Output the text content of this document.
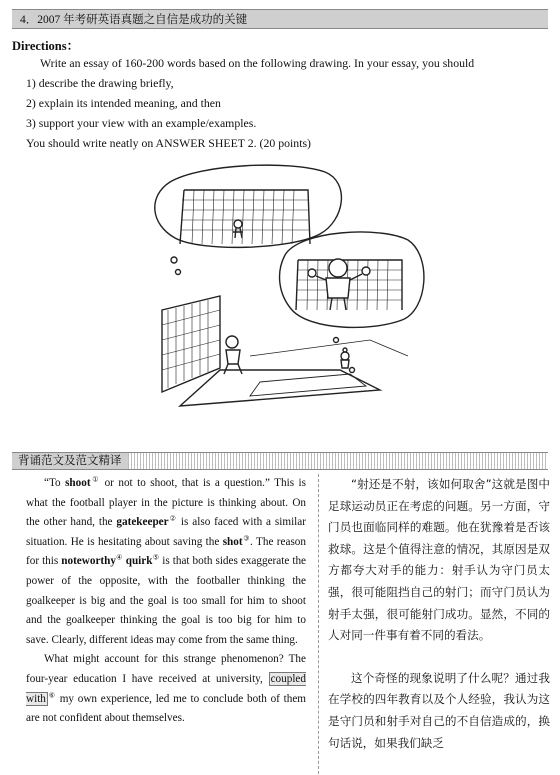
4．2007 年考研英语真题之自信是成功的关键
Directions：
Write an essay of 160-200 words based on the following drawing. In your essay, you should
1) describe the drawing briefly,
2) explain its intended meaning, and then
3) support your view with an example/examples.
You should write neatly on ANSWER SHEET 2. (20 points)
背诵范文及范文精译

“To shoot① or not to shoot, that is a question.” This is what the football player in the picture is thinking about. On the other hand, the gatekeeper② is also faced with a similar situation. He is hesitating about saving the shot③. The reason for this noteworthy④ quirk⑤ is that both sides exaggerate the power of the opposite, with the footballer thinking the goalkeeper is big and the goal is too small for him to shoot and the goalkeeper thinking the goal is too big for him to save. Clearly, different ideas may come from the same thing.

What might account for this strange phenomenon? The four-year education I have received at university, coupled with ⑥ my own experience, led me to conclude both of them are not confident about themselves.

“射还是不射，该如何取舍”这就是图中足球运动员正在考虑的问题。另一方面，守门员也面临同样的难题。他在犹豫着是否该救球。这是个值得注意的情况，其原因是双方都夸大对手的能力：射手认为守门员太强，很可能阻挡自己的射门；而守门员认为射手太强，很可能射门成功。显然，不同的人对同一件事有着不同的看法。

这个奇怪的现象说明了什么呢？通过我在学校的四年教育以及个人经验，我认为这是守门员和射手对自己的不自信造成的，换句话说，如果我们缺乏
